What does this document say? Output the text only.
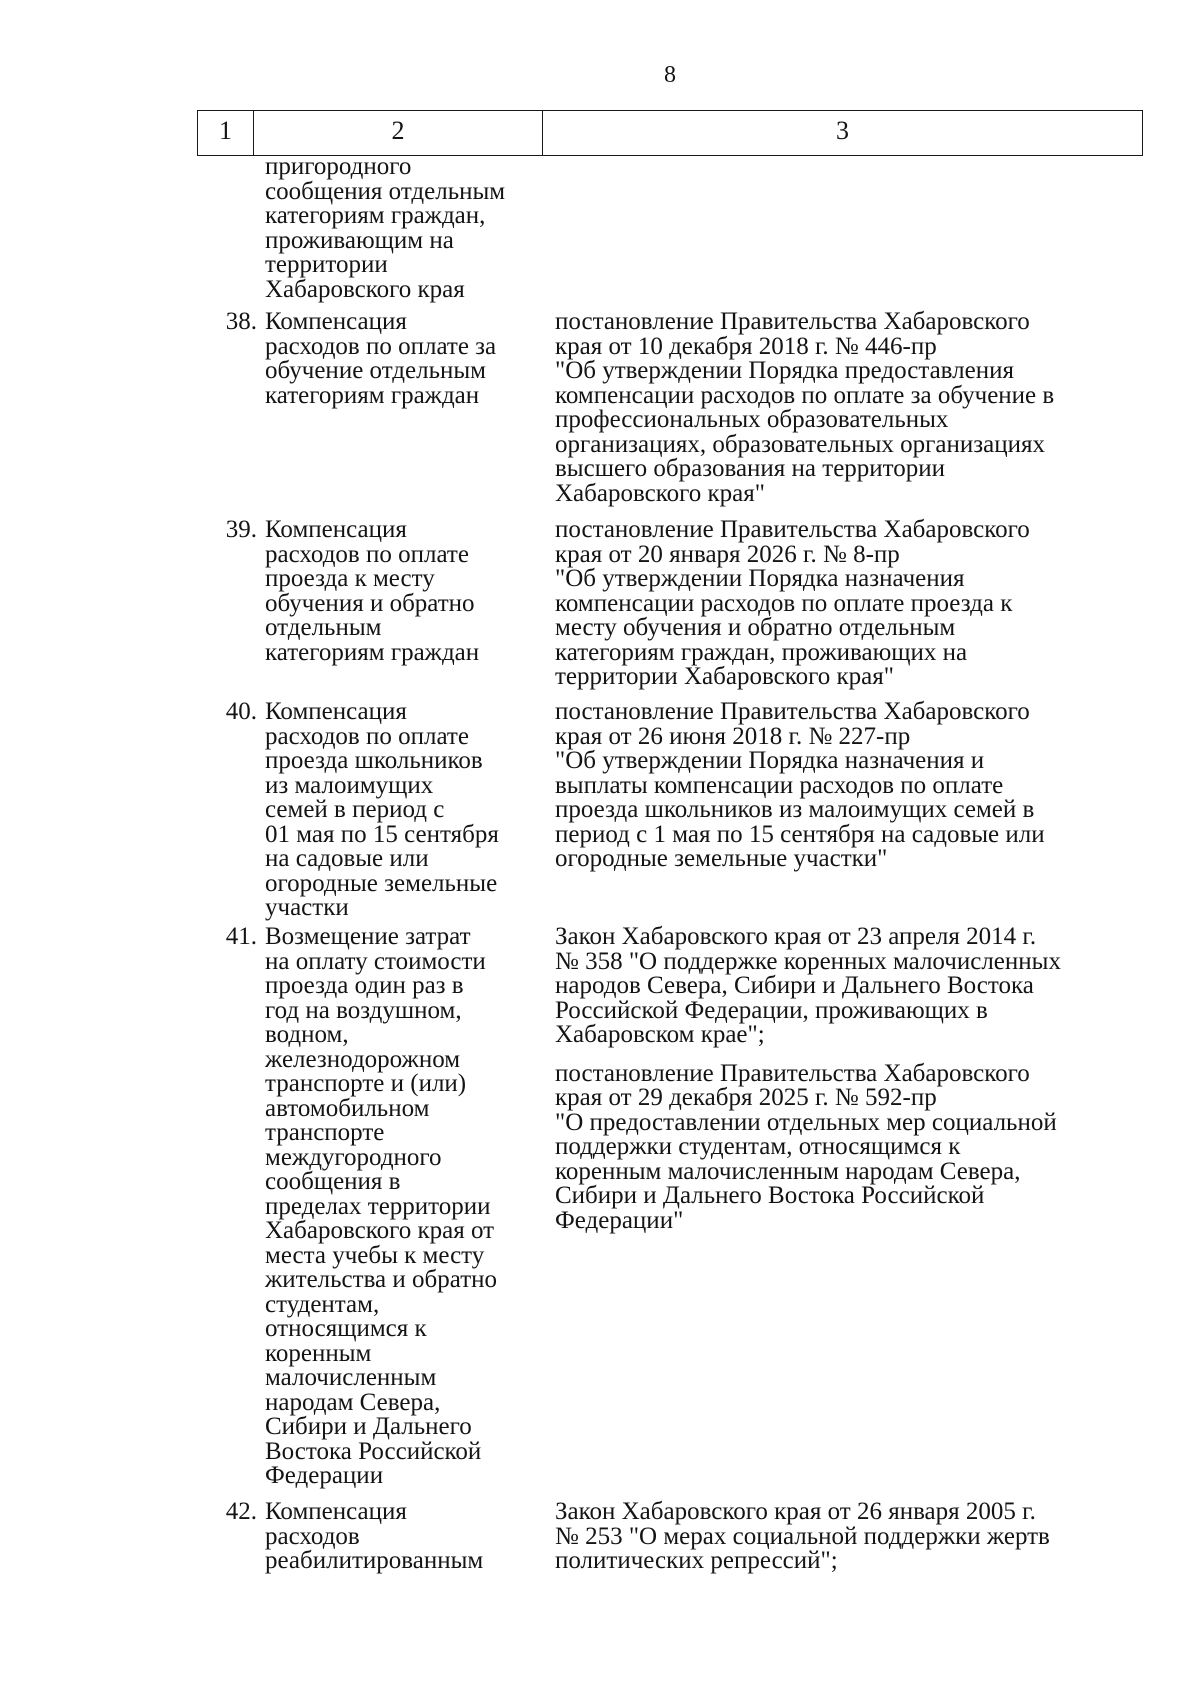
8
1	2	3
пригородного
сообщения отдельным
категориям граждан,
проживающим на
территории
Хабаровского края
38. Компенсация
расходов по оплате за
обучение отдельным
категориям граждан
постановление Правительства Хабаровского
края от 10 декабря 2018 г. № 446-пр
"Об утверждении Порядка предоставления
компенсации расходов по оплате за обучение в
профессиональных образовательных
организациях, образовательных организациях
высшего образования на территории
Хабаровского края"
39. Компенсация
расходов по оплате
проезда к месту
обучения и обратно
отдельным
категориям граждан
постановление Правительства Хабаровского
края от 20 января 2026 г. № 8-пр
"Об утверждении Порядка назначения
компенсации расходов по оплате проезда к
месту обучения и обратно отдельным
категориям граждан, проживающих на
территории Хабаровского края"
40. Компенсация
расходов по оплате
проезда школьников
из малоимущих
семей в период с
01 мая по 15 сентября
на садовые или
огородные земельные
участки
постановление Правительства Хабаровского
края от 26 июня 2018 г. № 227-пр
"Об утверждении Порядка назначения и
выплаты компенсации расходов по оплате
проезда школьников из малоимущих семей в
период с 1 мая по 15 сентября на садовые или
огородные земельные участки"
41. Возмещение затрат
на оплату стоимости
проезда один раз в
год на воздушном,
водном,
железнодорожном
транспорте и (или)
автомобильном
транспорте
междугородного
сообщения в
пределах территории
Хабаровского края от
места учебы к месту
жительства и обратно
студентам,
относящимся к
коренным
малочисленным
народам Севера,
Сибири и Дальнего
Востока Российской
Федерации
Закон Хабаровского края от 23 апреля 2014 г.
№ 358 "О поддержке коренных малочисленных
народов Севера, Сибири и Дальнего Востока
Российской Федерации, проживающих в
Хабаровском крае";
постановление Правительства Хабаровского
края от 29 декабря 2025 г. № 592-пр
"О предоставлении отдельных мер социальной
поддержки студентам, относящимся к
коренным малочисленным народам Севера,
Сибири и Дальнего Востока Российской
Федерации"
42. Компенсация
расходов
реабилитированным
Закон Хабаровского края от 26 января 2005 г.
№ 253 "О мерах социальной поддержки жертв
политических репрессий";
